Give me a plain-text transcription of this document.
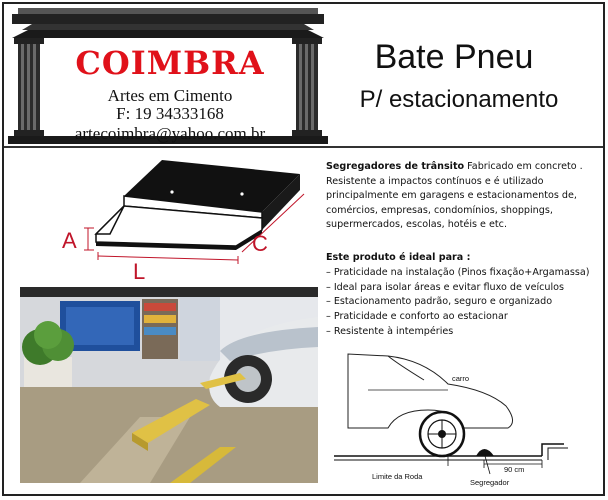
COIMBRA
Artes em Cimento
F: 19 34333168
artecoimbra@yahoo.com.br
Bate Pneu
P/ estacionamento
A
L
C
Segregadores de trânsito Fabricado em concreto . Resistente a impactos contínuos e é utilizado principalmente em garagens e estacionamentos de, comércios, empresas, condomínios, shoppings, supermercados, escolas, hotéis e etc.
Este produto é ideal para :
– Praticidade na instalação (Pinos fixação+Argamassa)
– Ideal para isolar áreas e evitar fluxo de veículos
– Estacionamento padrão, seguro e organizado
– Praticidade e conforto ao estacionar
– Resistente à intempéries
carro
90 cm
Limite da Roda
Segregador
